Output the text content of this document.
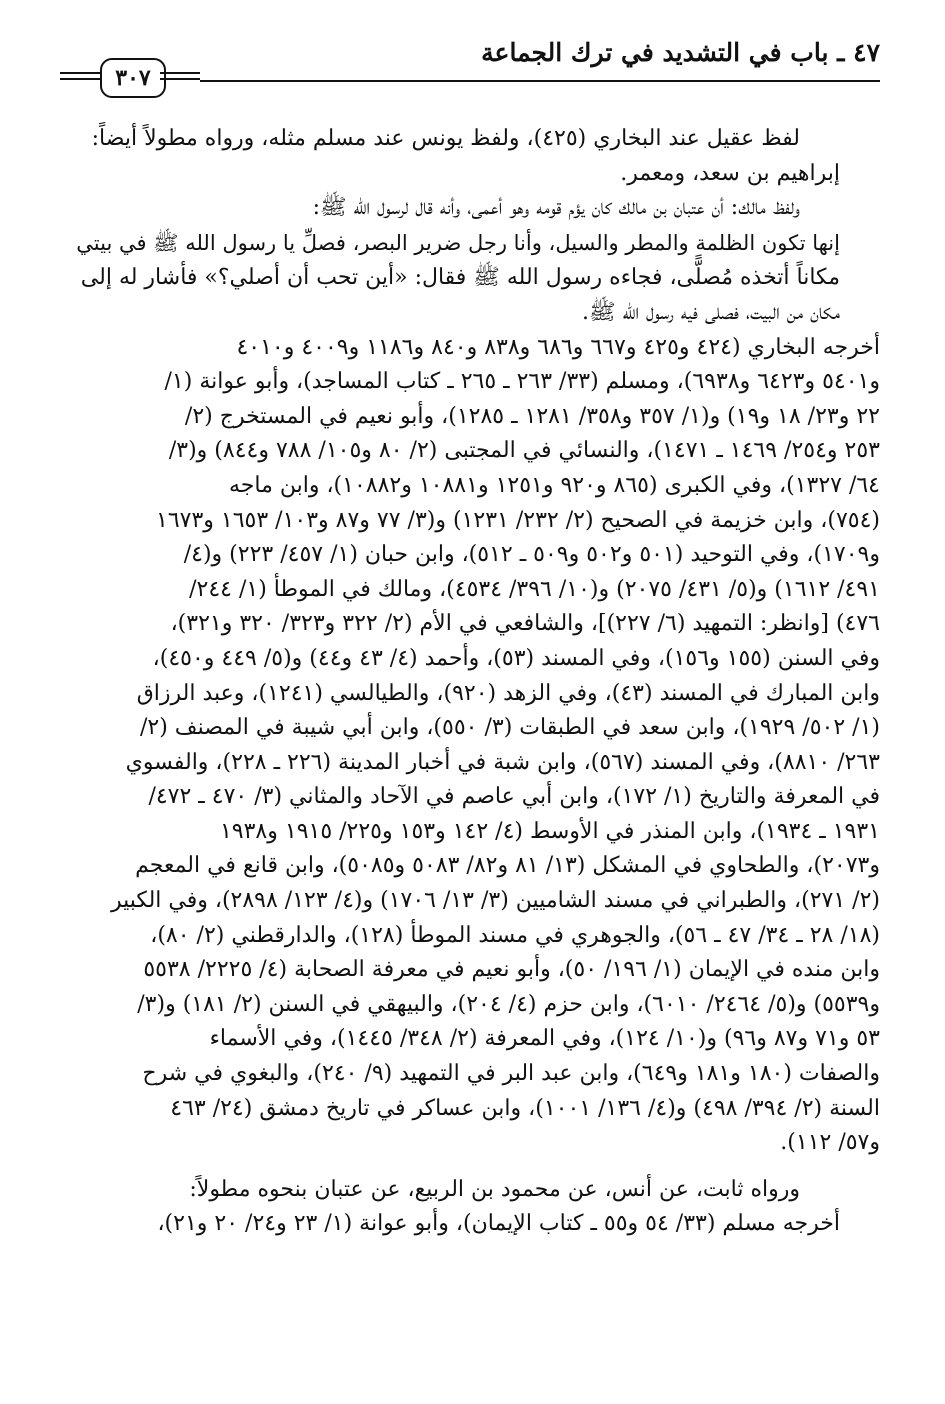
٤٧ ـ باب في التشديد في ترك الجماعة
٣٠٧

لفظ عقيل عند البخاري (٤٢٥)، ولفظ يونس عند مسلم مثله، ورواه مطولاً أيضاً:
إبراهيم بن سعد، ومعمر.

ولفظ مالك: أن عتبان بن مالك كان يؤم قومه وهو أعمى، وأنه قال لرسول الله ﷺ:
إنها تكون الظلمة والمطر والسيل، وأنا رجل ضرير البصر، فصلِّ يا رسول الله ﷺ في بيتي
مكاناً أتخذه مُصلًّى، فجاءه رسول الله ﷺ فقال: «أين تحب أن أصلي؟» فأشار له إلى
مكان من البيت، فصلى فيه رسول الله ﷺ.

أخرجه البخاري (٤٢٤ و٤٢٥ و٦٦٧ و٦٨٦ و٨٣٨ و٨٤٠ و١١٨٦ و٤٠٠٩ و٤٠١٠
و٥٤٠١ و٦٤٢٣ و٦٩٣٨)، ومسلم (٣٣/ ٢٦٣ ـ ٢٦٥ ـ كتاب المساجد)، وأبو عوانة (١/
٢٢ و٢٣/ ١٨ و١٩) و(١/ ٣٥٧ و٣٥٨/ ١٢٨١ ـ ١٢٨٥)، وأبو نعيم في المستخرج (٢/
٢٥٣ و٢٥٤/ ١٤٦٩ ـ ١٤٧١)، والنسائي في المجتبى (٢/ ٨٠ و١٠٥/ ٧٨٨ و٨٤٤) و(٣/
٦٤/ ١٣٢٧)، وفي الكبرى (٨٦٥ و٩٢٠ و١٢٥١ و١٠٨٨١ و١٠٨٨٢)، وابن ماجه
(٧٥٤)، وابن خزيمة في الصحيح (٢/ ٢٣٢/ ١٢٣١) و(٣/ ٧٧ و٨٧ و١٠٣/ ١٦٥٣ و١٦٧٣
و١٧٠٩)، وفي التوحيد (٥٠١ و٥٠٢ و٥٠٩ ـ ٥١٢)، وابن حبان (١/ ٤٥٧/ ٢٢٣) و(٤/
٤٩١/ ١٦١٢) و(٥/ ٤٣١/ ٢٠٧٥) و(١٠/ ٣٩٦/ ٤٥٣٤)، ومالك في الموطأ (١/ ٢٤٤/
٤٧٦) [وانظر: التمهيد (٦/ ٢٢٧)]، والشافعي في الأم (٢/ ٣٢٢ و٣٢٣/ ٣٢٠ و٣٢١)،
وفي السنن (١٥٥ و١٥٦)، وفي المسند (٥٣)، وأحمد (٤/ ٤٣ و٤٤) و(٥/ ٤٤٩ و٤٥٠)،
وابن المبارك في المسند (٤٣)، وفي الزهد (٩٢٠)، والطيالسي (١٢٤١)، وعبد الرزاق
(١/ ٥٠٢/ ١٩٢٩)، وابن سعد في الطبقات (٣/ ٥٥٠)، وابن أبي شيبة في المصنف (٢/
٢٦٣/ ٨٨١٠)، وفي المسند (٥٦٧)، وابن شبة في أخبار المدينة (٢٢٦ ـ ٢٢٨)، والفسوي
في المعرفة والتاريخ (١/ ١٧٢)، وابن أبي عاصم في الآحاد والمثاني (٣/ ٤٧٠ ـ ٤٧٢/
١٩٣١ ـ ١٩٣٤)، وابن المنذر في الأوسط (٤/ ١٤٢ و١٥٣ و٢٢٥/ ١٩١٥ و١٩٣٨
و٢٠٧٣)، والطحاوي في المشكل (١٣/ ٨١ و٨٢/ ٥٠٨٣ و٥٠٨٥)، وابن قانع في المعجم
(٢/ ٢٧١)، والطبراني في مسند الشاميين (٣/ ١٣/ ١٧٠٦) و(٤/ ١٢٣/ ٢٨٩٨)، وفي الكبير
(١٨/ ٢٨ ـ ٣٤/ ٤٧ ـ ٥٦)، والجوهري في مسند الموطأ (١٢٨)، والدارقطني (٢/ ٨٠)،
وابن منده في الإيمان (١/ ١٩٦/ ٥٠)، وأبو نعيم في معرفة الصحابة (٤/ ٢٢٢٥/ ٥٥٣٨
و٥٥٣٩) و(٥/ ٢٤٦٤/ ٦٠١٠)، وابن حزم (٤/ ٢٠٤)، والبيهقي في السنن (٢/ ١٨١) و(٣/
٥٣ و٧١ و٨٧ و٩٦) و(١٠/ ١٢٤)، وفي المعرفة (٢/ ٣٤٨/ ١٤٤٥)، وفي الأسماء
والصفات (١٨٠ و١٨١ و٦٤٩)، وابن عبد البر في التمهيد (٩/ ٢٤٠)، والبغوي في شرح
السنة (٢/ ٣٩٤/ ٤٩٨) و(٤/ ١٣٦/ ١٠٠١)، وابن عساكر في تاريخ دمشق (٢٤/ ٤٦٣
و٥٧/ ١١٢).

ورواه ثابت، عن أنس، عن محمود بن الربيع، عن عتبان بنحوه مطولاً:
أخرجه مسلم (٣٣/ ٥٤ و٥٥ ـ كتاب الإيمان)، وأبو عوانة (١/ ٢٣ و٢٤/ ٢٠ و٢١)،
